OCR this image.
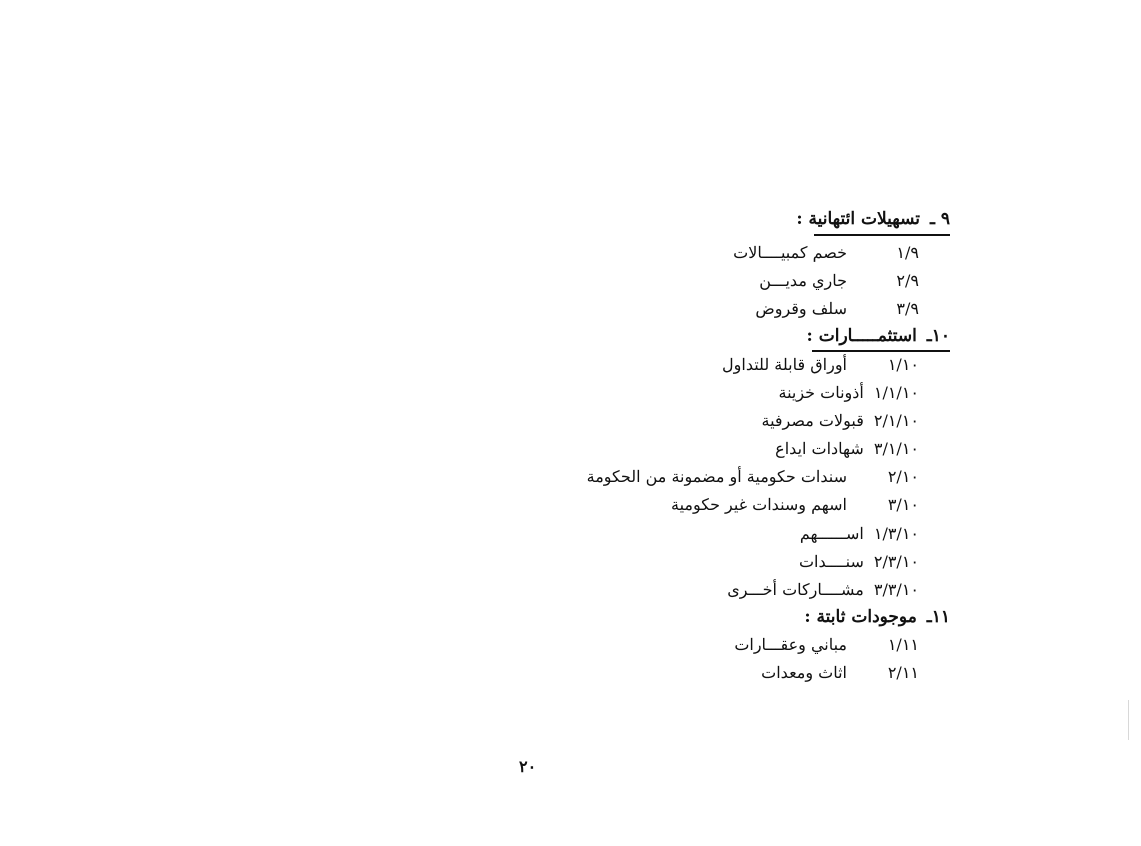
٩ ـ تسهيلات ائتهانية :
١/٩
خصم كمبيــــالات
٢/٩
جاري مديـــن
٣/٩
سلف وقروض
١٠ـ استثمـــــارات :
١/١٠
أوراق قابلة للتداول
١/١/١٠
أذونات خزينة
٢/١/١٠
قبولات مصرفية
٣/١/١٠
شهادات ايداع
٢/١٠
سندات حكومية أو مضمونة من الحكومة
٣/١٠
اسهم وسندات غير حكومية
١/٣/١٠
اســــــهم
٢/٣/١٠
سنــــدات
٣/٣/١٠
مشــــاركات أخـــرى
١١ـ موجودات ثابتة :
١/١١
مباني وعقـــارات
٢/١١
اثاث ومعدات
٢٠
